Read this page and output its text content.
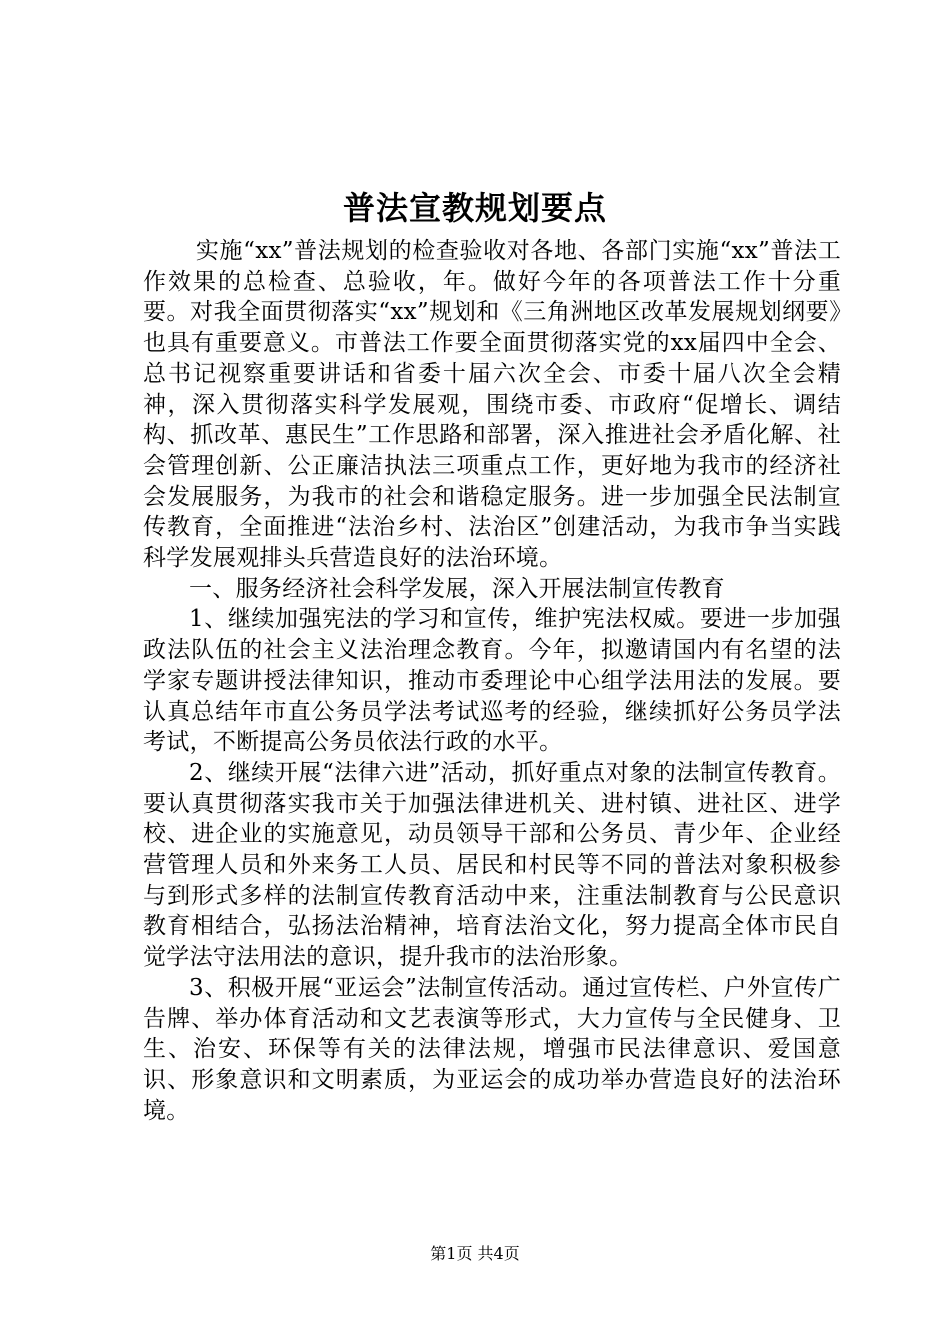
普法宣教规划要点

实施“xx”普法规划的检查验收对各地、各部门实施“xx”普法工作效果的总检查、总验收，年。做好今年的各项普法工作十分重要。对我全面贯彻落实“xx”规划和《三角洲地区改革发展规划纲要》也具有重要意义。市普法工作要全面贯彻落实党的xx届四中全会、总书记视察重要讲话和省委十届六次全会、市委十届八次全会精神，深入贯彻落实科学发展观，围绕市委、市政府“促增长、调结构、抓改革、惠民生”工作思路和部署，深入推进社会矛盾化解、社会管理创新、公正廉洁执法三项重点工作，更好地为我市的经济社会发展服务，为我市的社会和谐稳定服务。进一步加强全民法制宣传教育，全面推进“法治乡村、法治区”创建活动，为我市争当实践科学发展观排头兵营造良好的法治环境。

一、服务经济社会科学发展，深入开展法制宣传教育

1、继续加强宪法的学习和宣传，维护宪法权威。要进一步加强政法队伍的社会主义法治理念教育。今年，拟邀请国内有名望的法学家专题讲授法律知识，推动市委理论中心组学法用法的发展。要认真总结年市直公务员学法考试巡考的经验，继续抓好公务员学法考试，不断提高公务员依法行政的水平。

2、继续开展“法律六进”活动，抓好重点对象的法制宣传教育。要认真贯彻落实我市关于加强法律进机关、进村镇、进社区、进学校、进企业的实施意见，动员领导干部和公务员、青少年、企业经营管理人员和外来务工人员、居民和村民等不同的普法对象积极参与到形式多样的法制宣传教育活动中来，注重法制教育与公民意识教育相结合，弘扬法治精神，培育法治文化，努力提高全体市民自觉学法守法用法的意识，提升我市的法治形象。

3、积极开展“亚运会”法制宣传活动。通过宣传栏、户外宣传广告牌、举办体育活动和文艺表演等形式，大力宣传与全民健身、卫生、治安、环保等有关的法律法规，增强市民法律意识、爱国意识、形象意识和文明素质，为亚运会的成功举办营造良好的法治环境。

第1页 共4页
